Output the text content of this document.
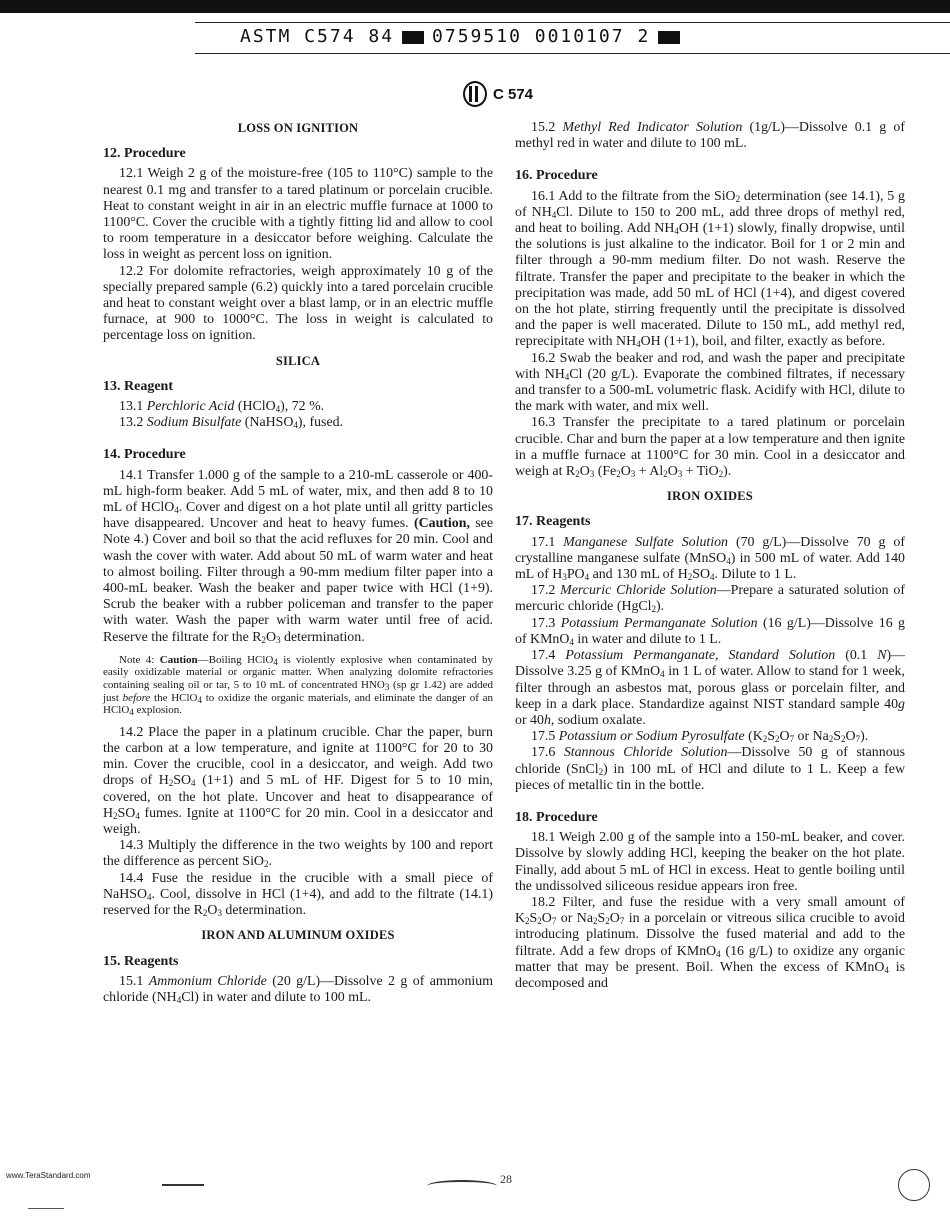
ASTM C574 84 0759510 0010107 2
C 574
LOSS ON IGNITION
12. Procedure

12.1 Weigh 2 g of the moisture-free (105 to 110°C) sample to the nearest 0.1 mg and transfer to a tared platinum or porcelain crucible. Heat to constant weight in air in an electric muffle furnace at 1000 to 1100°C. Cover the crucible with a tightly fitting lid and allow to cool to room temperature in a desiccator before weighing. Calculate the loss in weight as percent loss on ignition.

12.2 For dolomite refractories, weigh approximately 10 g of the specially prepared sample (6.2) quickly into a tared porcelain crucible and heat to constant weight over a blast lamp, or in an electric muffle furnace, at 900 to 1000°C. The loss in weight is calculated to percentage loss on ignition.

SILICA
13. Reagent

13.1 Perchloric Acid (HClO$_4$), 72 %.

13.2 Sodium Bisulfate (NaHSO$_4$), fused.

14. Procedure

14.1 Transfer 1.000 g of the sample to a 210-mL casserole or 400-mL high-form beaker. Add 5 mL of water, mix, and then add 8 to 10 mL of HClO$_4$. Cover and digest on a hot plate until all gritty particles have disappeared. Uncover and heat to heavy fumes. (Caution, see Note 4.) Cover and boil so that the acid refluxes for 20 min. Cool and wash the cover with water. Add about 50 mL of warm water and heat to almost boiling. Filter through a 90-mm medium filter paper into a 400-mL beaker. Wash the beaker and paper twice with HCl (1+9). Scrub the beaker with a rubber policeman and transfer to the paper with water. Wash the paper with warm water until free of acid. Reserve the filtrate for the $R_2O_3$ determination.

Note 4: Caution—Boiling HClO$_4$ is violently explosive when contaminated by easily oxidizable material or organic matter. When analyzing dolomite refractories containing sealing oil or tar, 5 to 10 mL of concentrated $HNO_3$ (sp gr 1.42) are added just before the HClO$_4$ to oxidize the organic materials, and eliminate the danger of an HClO$_4$ explosion.

14.2 Place the paper in a platinum crucible. Char the paper, burn the carbon at a low temperature, and ignite at 1100°C for 20 to 30 min. Cover the crucible, cool in a desiccator, and weigh. Add two drops of $H_2SO_4$ (1+1) and 5 mL of HF. Digest for 5 to 10 min, covered, on the hot plate. Uncover and heat to disappearance of $H_2SO_4$ fumes. Ignite at 1100°C for 20 min. Cool in a desiccator and weigh.

14.3 Multiply the difference in the two weights by 100 and report the difference as percent SiO$_2$.

14.4 Fuse the residue in the crucible with a small piece of NaHSO$_4$. Cool, dissolve in HCl (1+4), and add to the filtrate (14.1) reserved for the $R_2O_3$ determination.

IRON AND ALUMINUM OXIDES
15. Reagents

15.1 Ammonium Chloride (20 g/L)—Dissolve 2 g of ammonium chloride $(NH_4Cl)$ in water and dilute to 100 mL.

15.2 Methyl Red Indicator Solution (1g/L)—Dissolve 0.1 g of methyl red in water and dilute to 100 mL.

16. Procedure

16.1 Add to the filtrate from the SiO$_2$ determination (see 14.1), 5 g of $NH_4Cl$. Dilute to 150 to 200 mL, add three drops of methyl red, and heat to boiling. Add $NH_4OH$ (1+1) slowly, finally dropwise, until the solutions is just alkaline to the indicator. Boil for 1 or 2 min and filter through a 90-mm medium filter. Do not wash. Reserve the filtrate. Transfer the paper and precipitate to the beaker in which the precipitation was made, add 50 mL of HCl (1+4), and digest covered on the hot plate, stirring frequently until the precipitate is dissolved and the paper is well macerated. Dilute to 150 mL, add methyl red, reprecipitate with $NH_4OH$ (1+1), boil, and filter, exactly as before.

16.2 Swab the beaker and rod, and wash the paper and precipitate with $NH_4Cl$ (20 g/L). Evaporate the combined filtrates, if necessary and transfer to a 500-mL volumetric flask. Acidify with HCl, dilute to the mark with water, and mix well.

16.3 Transfer the precipitate to a tared platinum or porcelain crucible. Char and burn the paper at a low temperature and then ignite in a muffle furnace at 1100°C for 30 min. Cool in a desiccator and weigh at $R_2O_3$ $(Fe_2O_3 + Al_2O_3 + TiO_2)$.

IRON OXIDES
17. Reagents

17.1 Manganese Sulfate Solution (70 g/L)—Dissolve 70 g of crystalline manganese sulfate (MnSO$_4$) in 500 mL of water. Add 140 mL of $H_3PO_4$ and 130 mL of $H_2SO_4$. Dilute to 1 L.

17.2 Mercuric Chloride Solution—Prepare a saturated solution of mercuric chloride (HgCl$_2$).

17.3 Potassium Permanganate Solution (16 g/L)—Dissolve 16 g of KMnO$_4$ in water and dilute to 1 L.

17.4 Potassium Permanganate, Standard Solution (0.1 N)—Dissolve 3.25 g of KMnO$_4$ in 1 L of water. Allow to stand for 1 week, filter through an asbestos mat, porous glass or porcelain filter, and keep in a dark place. Standardize against NIST standard sample 40g or 40h, sodium oxalate.

17.5 Potassium or Sodium Pyrosulfate ($K_2S_2O_7$ or $Na_2S_2O_7$).

17.6 Stannous Chloride Solution—Dissolve 50 g of stannous chloride (SnCl$_2$) in 100 mL of HCl and dilute to 1 L. Keep a few pieces of metallic tin in the bottle.

18. Procedure

18.1 Weigh 2.00 g of the sample into a 150-mL beaker, and cover. Dissolve by slowly adding HCl, keeping the beaker on the hot plate. Finally, add about 5 mL of HCl in excess. Heat to gentle boiling until the undissolved siliceous residue appears iron free.

18.2 Filter, and fuse the residue with a very small amount of $K_2S_2O_7$ or $Na_2S_2O_7$ in a porcelain or vitreous silica crucible to avoid introducing platinum. Dissolve the fused material and add to the filtrate. Add a few drops of KMnO$_4$ (16 g/L) to oxidize any organic matter that may be present. Boil. When the excess of KMnO$_4$ is decomposed and

www.TeraStandard.com	28
